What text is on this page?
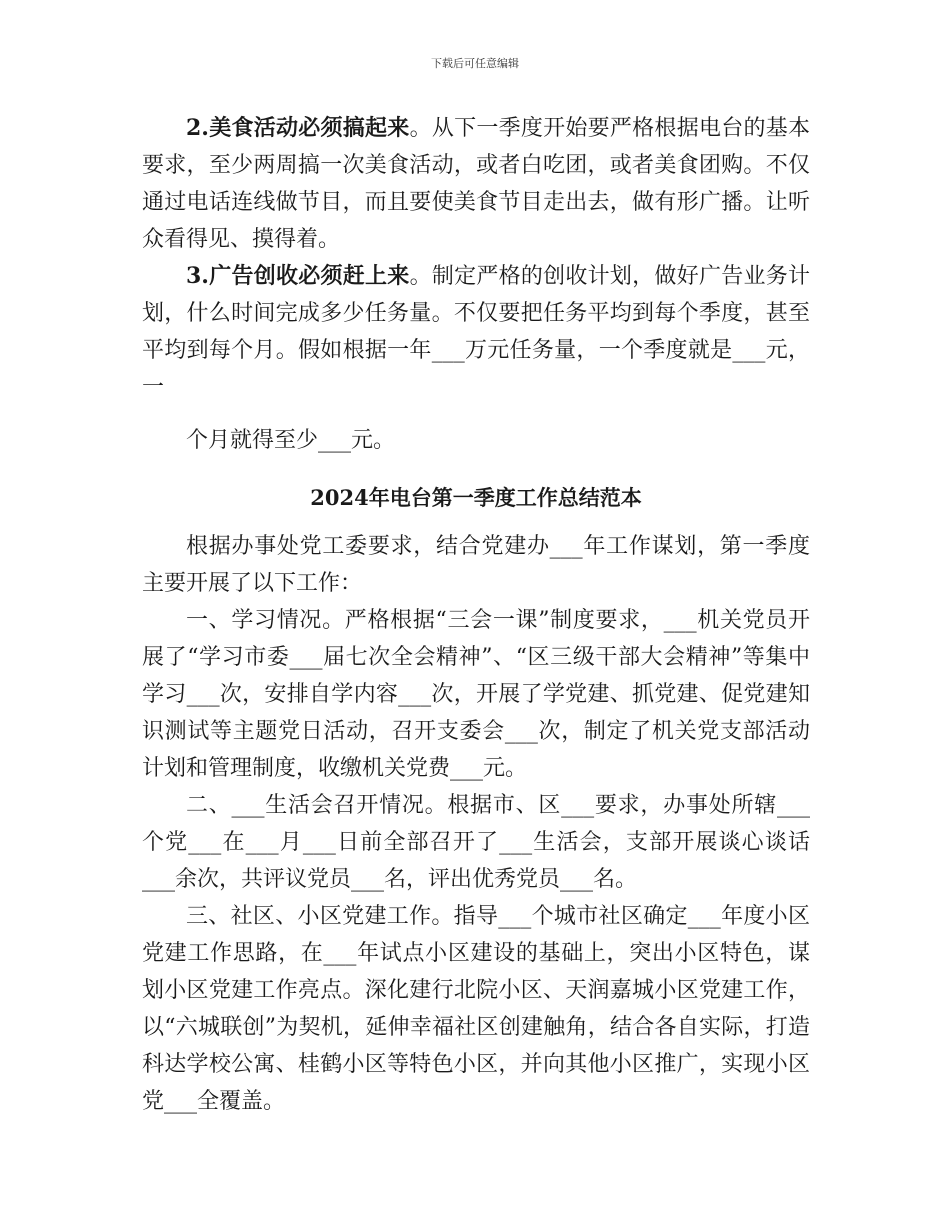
下载后可任意编辑

2.美食活动必须搞起来。从下一季度开始要严格根据电台的基本要求，至少两周搞一次美食活动，或者白吃团，或者美食团购。不仅通过电话连线做节目，而且要使美食节目走出去，做有形广播。让听众看得见、摸得着。

3.广告创收必须赶上来。制定严格的创收计划，做好广告业务计划，什么时间完成多少任务量。不仅要把任务平均到每个季度，甚至平均到每个月。假如根据一年___万元任务量，一个季度就是___元，一

个月就得至少___元。

2024年电台第一季度工作总结范本

根据办事处党工委要求，结合党建办___年工作谋划，第一季度主要开展了以下工作：

一、学习情况。严格根据“三会一课”制度要求，___机关党员开展了“学习市委___届七次全会精神”、“区三级干部大会精神”等集中学习___次，安排自学内容___次，开展了学党建、抓党建、促党建知识测试等主题党日活动，召开支委会___次，制定了机关党支部活动计划和管理制度，收缴机关党费___元。

二、___生活会召开情况。根据市、区___要求，办事处所辖___个党___在___月___日前全部召开了___生活会，支部开展谈心谈话___余次，共评议党员___名，评出优秀党员___名。

三、社区、小区党建工作。指导___个城市社区确定___年度小区党建工作思路，在___年试点小区建设的基础上，突出小区特色，谋划小区党建工作亮点。深化建行北院小区、天润嘉城小区党建工作，以“六城联创”为契机，延伸幸福社区创建触角，结合各自实际，打造科达学校公寓、桂鹤小区等特色小区，并向其他小区推广，实现小区党___全覆盖。
